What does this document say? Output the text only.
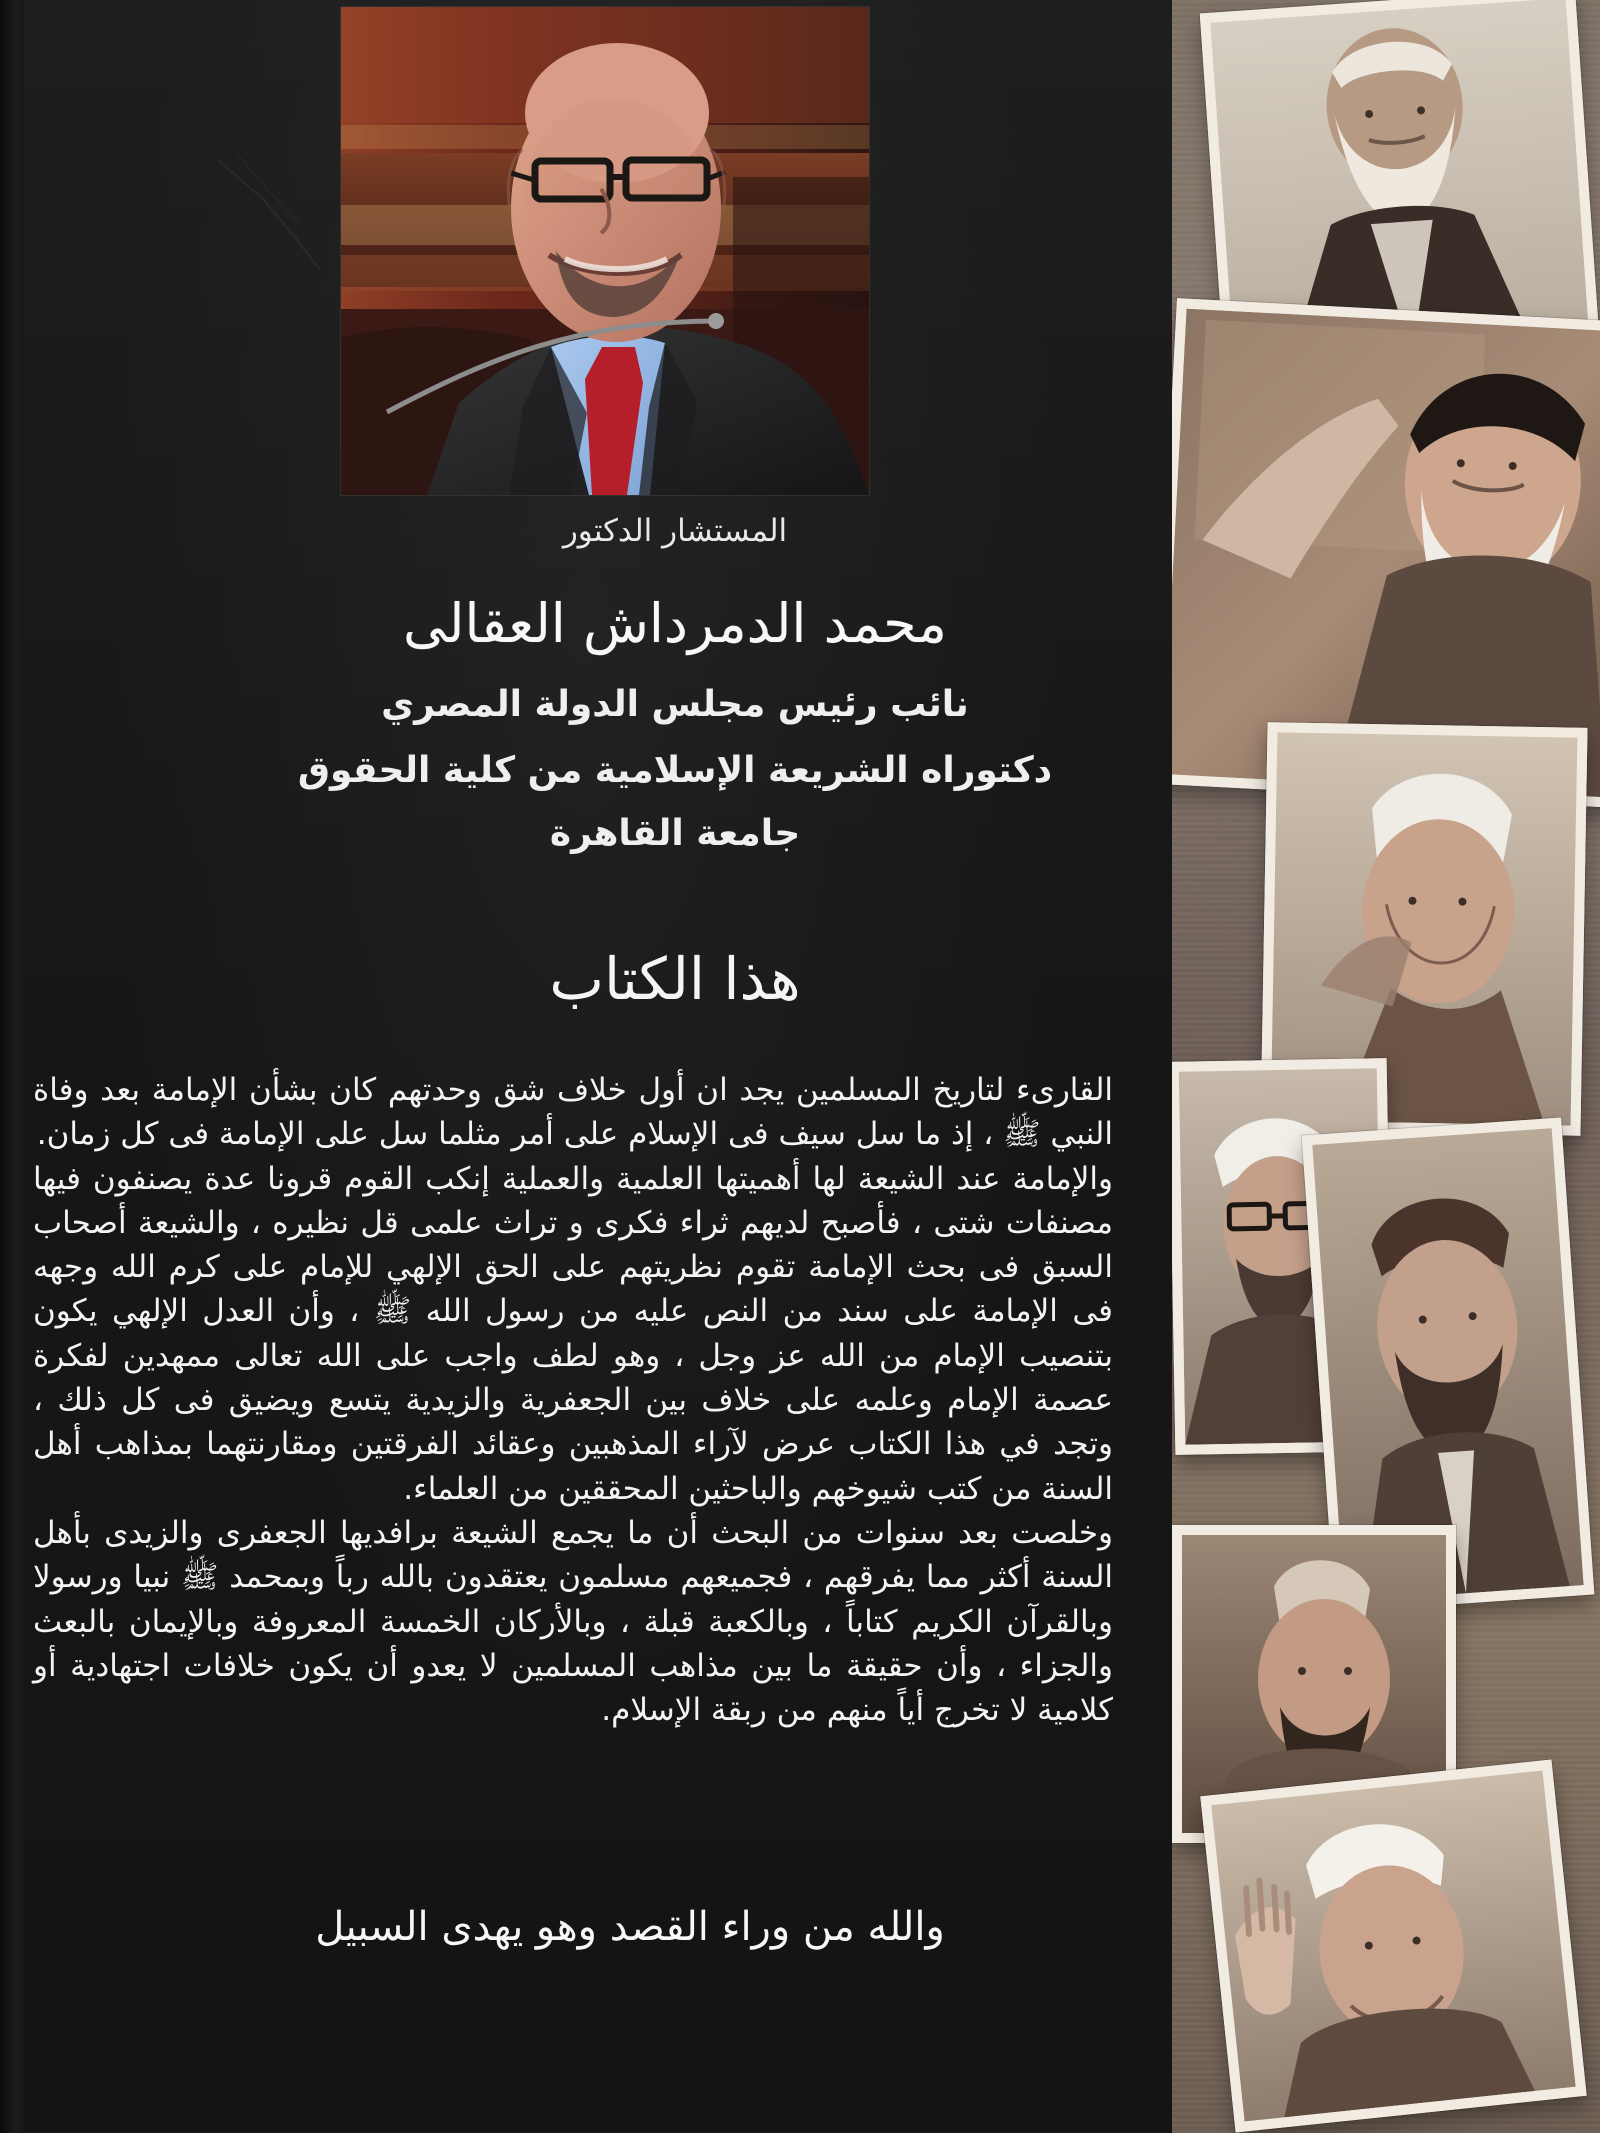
المستشار الدكتور
محمد الدمرداش العقالى
نائب رئيس مجلس الدولة المصري
دكتوراه الشريعة الإسلامية من كلية الحقوق
جامعة القاهرة
هذا الكتاب
القارىء لتاريخ المسلمين يجد ان أول خلاف شق وحدتهم كان بشأن الإمامة بعد وفاة النبي ﷺ ، إذ ما سل سيف فى الإسلام على أمر مثلما سل على الإمامة فى كل زمان.
والإمامة عند الشيعة لها أهميتها العلمية والعملية إنكب القوم قرونا عدة يصنفون فيها مصنفات شتى ، فأصبح لديهم ثراء فكرى و تراث علمى قل نظيره ، والشيعة أصحاب السبق فى بحث الإمامة تقوم نظريتهم على الحق الإلهي للإمام على كرم الله وجهه فى الإمامة على سند من النص عليه من رسول الله ﷺ ، وأن العدل الإلهي يكون بتنصيب الإمام من الله عز وجل ، وهو لطف واجب على الله تعالى ممهدين لفكرة عصمة الإمام وعلمه على خلاف بين الجعفرية والزيدية يتسع ويضيق فى كل ذلك ، وتجد في هذا الكتاب عرض لآراء المذهبين وعقائد الفرقتين ومقارنتهما بمذاهب أهل السنة من كتب شيوخهم والباحثين المحققين من العلماء.
وخلصت بعد سنوات من البحث أن ما يجمع الشيعة برافديها الجعفرى والزيدى بأهل السنة أكثر مما يفرقهم ، فجميعهم مسلمون يعتقدون بالله رباً وبمحمد ﷺ نبيا ورسولا وبالقرآن الكريم كتاباً ، وبالكعبة قبلة ، وبالأركان الخمسة المعروفة وبالإيمان بالبعث والجزاء ، وأن حقيقة ما بين مذاهب المسلمين لا يعدو أن يكون خلافات اجتهادية أو كلامية لا تخرج أياً منهم من ربقة الإسلام.
والله من وراء القصد وهو يهدى السبيل
